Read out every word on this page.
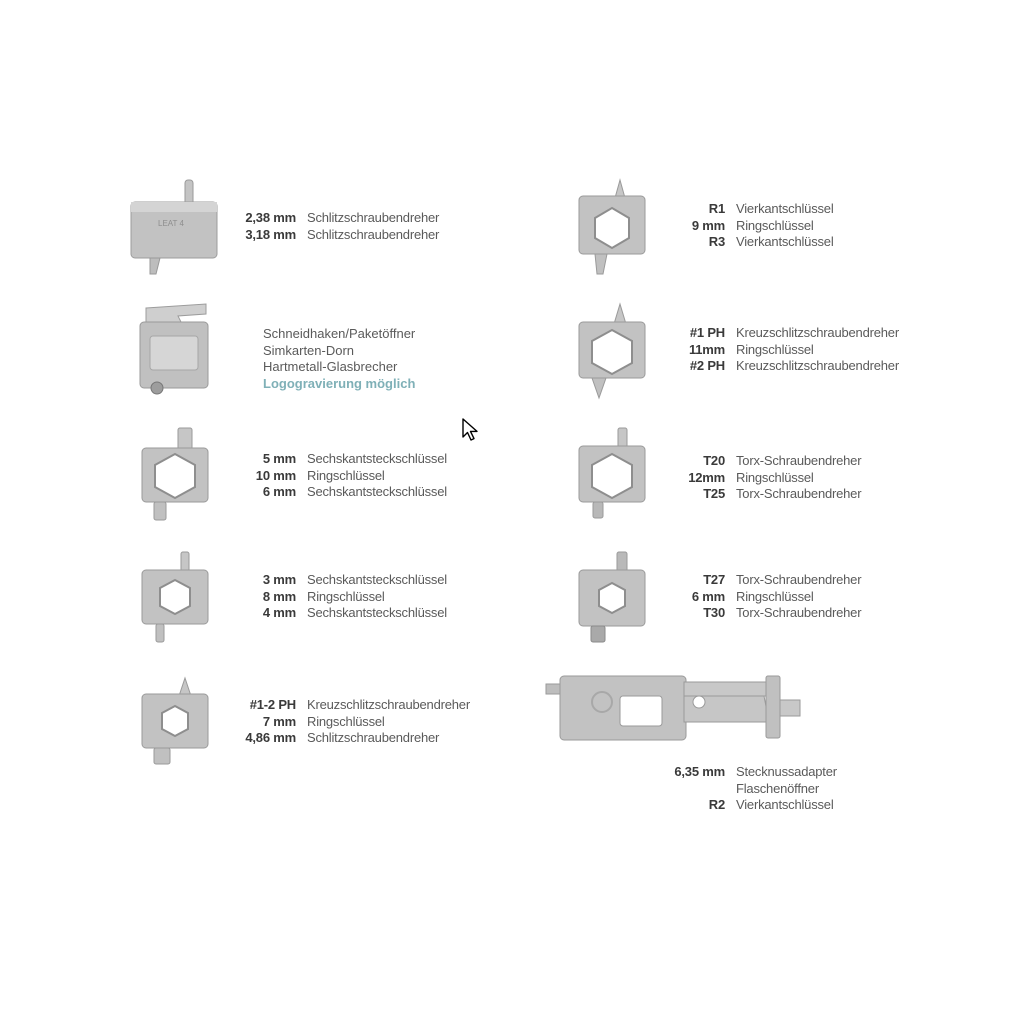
LEAT 4	2,38 mm Schlitzschraubendreher
3,18 mm Schlitzschraubendreher
Schneidhaken/Paketöffner
Simkarten-Dorn
Hartmetall-Glasbrecher
Logogravierung möglich
5 mm Sechskantsteckschlüssel
10 mm Ringschlüssel
6 mm Sechskantsteckschlüssel
3 mm Sechskantsteckschlüssel
8 mm Ringschlüssel
4 mm Sechskantsteckschlüssel
#1-2 PH Kreuzschlitzschraubendreher
7 mm Ringschlüssel
4,86 mm Schlitzschraubendreher
R1 Vierkantschlüssel
9 mm Ringschlüssel
R3 Vierkantschlüssel
#1 PH Kreuzschlitzschraubendreher
11mm Ringschlüssel
#2 PH Kreuzschlitzschraubendreher
T20 Torx-Schraubendreher
12mm Ringschlüssel
T25 Torx-Schraubendreher
T27 Torx-Schraubendreher
6 mm Ringschlüssel
T30 Torx-Schraubendreher
6,35 mm Stecknussadapter
Flaschenöffner
R2 Vierkantschlüssel
